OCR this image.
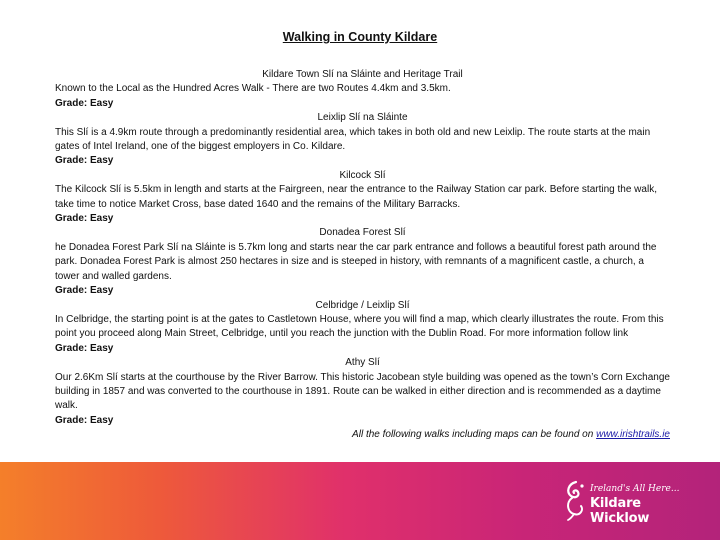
Walking in County Kildare

Kildare Town Slí na Sláinte and Heritage Trail

Known to the Local as the Hundred Acres Walk - There are two Routes 4.4km and 3.5km.

Grade: Easy

Leixlip Slí na Sláinte

This Slí is a 4.9km route through a predominantly residential area, which takes in both old and new Leixlip. The route starts at the main gates of Intel Ireland, one of the biggest employers in Co. Kildare.

Grade: Easy

Kilcock Slí

The Kilcock Slí is 5.5km in length and starts at the Fairgreen, near the entrance to the Railway Station car park. Before starting the walk, take time to notice Market Cross, base dated 1640 and the remains of the Military Barracks.

Grade: Easy

Donadea Forest Slí

he Donadea Forest Park Slí na Sláinte is 5.7km long and starts near the car park entrance and follows a beautiful forest path around the park. Donadea Forest Park is almost 250 hectares in size and is steeped in history, with remnants of a magnificent castle, a church, a tower and walled gardens.

Grade: Easy

Celbridge / Leixlip Slí

In Celbridge, the starting point is at the gates to Castletown House, where you will find a map, which clearly illustrates the route. From this point you proceed along Main Street, Celbridge, until you reach the junction with the Dublin Road. For more information follow link

Grade: Easy

Athy Slí

Our 2.6Km Slí starts at the courthouse by the River Barrow. This historic Jacobean style building was opened as the town’s Corn Exchange building in 1857 and was converted to the courthouse in 1891. Route can be walked in either direction and is recommended as a daytime walk.

Grade: Easy

All the following walks including maps can be found on www.irishtrails.ie

Ireland's All Here...
Kildare Wicklow
